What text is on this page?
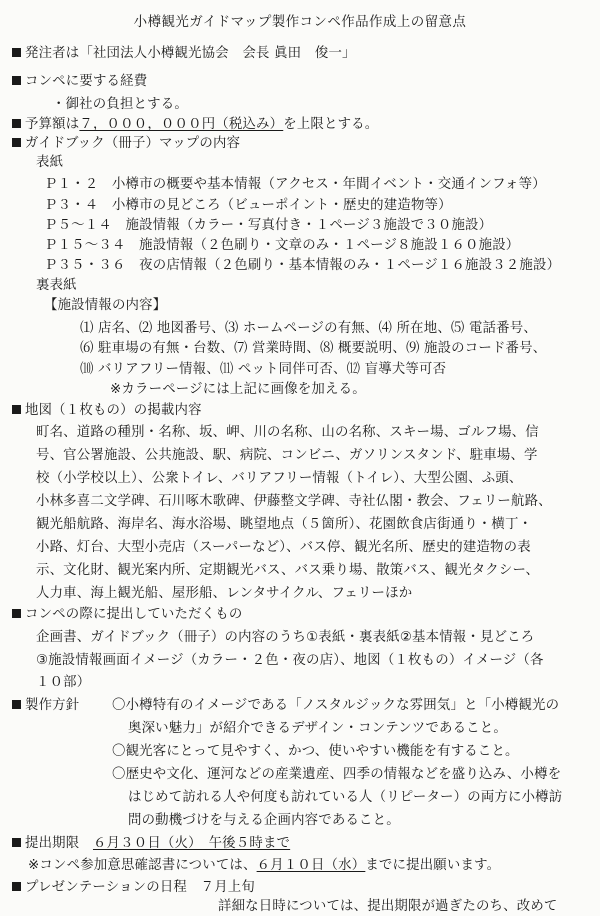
小樽観光ガイドマップ製作コンペ作品作成上の留意点
発注者は「社団法人小樽観光協会　会長 眞田　俊一」
コンペに要する経費
・御社の負担とする。
予算額は７，０００，０００円（税込み）を上限とする。
ガイドブック（冊子）マップの内容
表紙
Ｐ１・２　小樽市の概要や基本情報（アクセス・年間イベント・交通インフォ等）
Ｐ３・４　小樽市の見どころ（ビューポイント・歴史的建造物等）
Ｐ５～１４　施設情報（カラー・写真付き・１ページ３施設で３０施設）
Ｐ１５～３４　施設情報（２色刷り・文章のみ・１ページ８施設１６０施設）
Ｐ３５・３６　夜の店情報（２色刷り・基本情報のみ・１ページ１６施設３２施設）
裏表紙
【施設情報の内容】
⑴ 店名、⑵ 地図番号、⑶ ホームページの有無、⑷ 所在地、⑸ 電話番号、
⑹ 駐車場の有無・台数、⑺ 営業時間、⑻ 概要説明、⑼ 施設のコード番号、
⑽ バリアフリー情報、⑾ ペット同伴可否、⑿ 盲導犬等可否
※カラーページには上記に画像を加える。
地図（１枚もの）の掲載内容
町名、道路の種別・名称、坂、岬、川の名称、山の名称、スキー場、ゴルフ場、信
号、官公署施設、公共施設、駅、病院、コンビニ、ガソリンスタンド、駐車場、学
校（小学校以上）、公衆トイレ、バリアフリー情報（トイレ）、大型公園、ふ頭、
小林多喜二文学碑、石川啄木歌碑、伊藤整文学碑、寺社仏閣・教会、フェリー航路、
観光船航路、海岸名、海水浴場、眺望地点（５箇所）、花園飲食店街通り・横丁・
小路、灯台、大型小売店（スーパーなど）、バス停、観光名所、歴史的建造物の表
示、文化財、観光案内所、定期観光バス、バス乗り場、散策バス、観光タクシー、
人力車、海上観光船、屋形船、レンタサイクル、フェリーほか
コンペの際に提出していただくもの
企画書、ガイドブック（冊子）の内容のうち①表紙・裏表紙②基本情報・見どころ
③施設情報画面イメージ（カラー・２色・夜の店）、地図（１枚もの）イメージ（各
１０部）
製作方針 〇小樽特有のイメージである「ノスタルジックな雰囲気」と「小樽観光の
奥深い魅力」が紹介できるデザイン・コンテンツであること。
〇観光客にとって見やすく、かつ、使いやすい機能を有すること。
〇歴史や文化、運河などの産業遺産、四季の情報などを盛り込み、小樽を
はじめて訪れる人や何度も訪れている人（リピーター）の両方に小樽訪
問の動機づけを与える企画内容であること。
提出期限　 ６月３０日（火）　午後５時まで
※コンペ参加意思確認書については、６月１０日（水）までに提出願います。
プレゼンテーションの日程　７月上旬
詳細な日時については、提出期限が過ぎたのち、改めて
